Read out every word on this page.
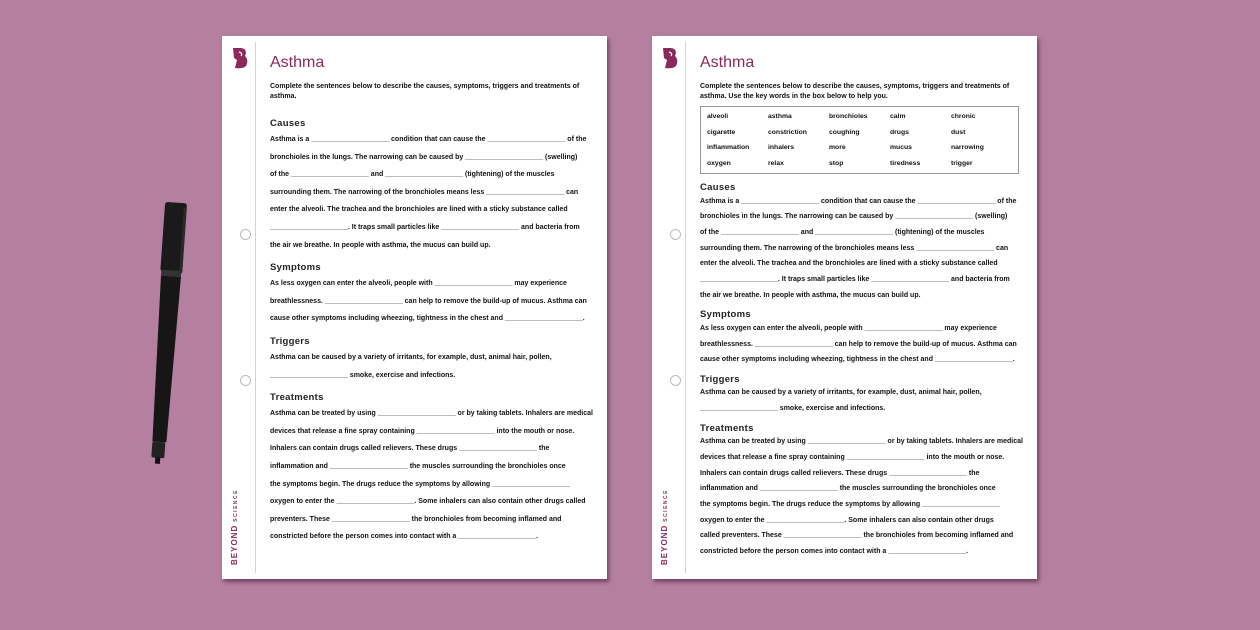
BEYONDSCIENCE
Asthma
Complete the sentences below to describe the causes, symptoms, triggers and treatments of asthma.
Causes
Asthma is a ____________________ condition that can cause the ____________________ of the
bronchioles in the lungs. The narrowing can be caused by ____________________ (swelling)
of the ____________________ and ____________________ (tightening) of the muscles
surrounding them. The narrowing of the bronchioles means less ____________________ can
enter the alveoli. The trachea and the bronchioles are lined with a sticky substance called
____________________. It traps small particles like ____________________ and bacteria from
the air we breathe. In people with asthma, the mucus can build up.
Symptoms
As less oxygen can enter the alveoli, people with ____________________ may experience
breathlessness. ____________________ can help to remove the build-up of mucus. Asthma can
cause other symptoms including wheezing, tightness in the chest and ____________________.
Triggers
Asthma can be caused by a variety of irritants, for example, dust, animal hair, pollen,
____________________ smoke, exercise and infections.
Treatments
Asthma can be treated by using ____________________ or by taking tablets. Inhalers are medical
devices that release a fine spray containing ____________________ into the mouth or nose.
Inhalers can contain drugs called relievers. These drugs ____________________ the
inflammation and ____________________ the muscles surrounding the bronchioles once
the symptoms begin. The drugs reduce the symptoms by allowing ____________________
oxygen to enter the ____________________. Some inhalers can also contain other drugs called
preventers. These ____________________ the bronchioles from becoming inflamed and
constricted before the person comes into contact with a ____________________.	BEYONDSCIENCE
Asthma
Complete the sentences below to describe the causes, symptoms, triggers and treatments of asthma. Use the key words in the box below to help you.
alveoli	asthma	bronchioles	calm	chronic
cigarette	constriction	coughing	drugs	dust
inflammation	inhalers	more	mucus	narrowing
oxygen	relax	stop	tiredness	trigger
Causes
Asthma is a ____________________ condition that can cause the ____________________ of the
bronchioles in the lungs. The narrowing can be caused by ____________________ (swelling)
of the ____________________ and ____________________ (tightening) of the muscles
surrounding them. The narrowing of the bronchioles means less ____________________ can
enter the alveoli. The trachea and the bronchioles are lined with a sticky substance called
____________________. It traps small particles like ____________________ and bacteria from
the air we breathe. In people with asthma, the mucus can build up.
Symptoms
As less oxygen can enter the alveoli, people with ____________________ may experience
breathlessness. ____________________ can help to remove the build-up of mucus. Asthma can
cause other symptoms including wheezing, tightness in the chest and ____________________.
Triggers
Asthma can be caused by a variety of irritants, for example, dust, animal hair, pollen,
____________________ smoke, exercise and infections.
Treatments
Asthma can be treated by using ____________________ or by taking tablets. Inhalers are medical
devices that release a fine spray containing ____________________ into the mouth or nose.
Inhalers can contain drugs called relievers. These drugs ____________________ the
inflammation and ____________________ the muscles surrounding the bronchioles once
the symptoms begin. The drugs reduce the symptoms by allowing ____________________
oxygen to enter the ____________________. Some inhalers can also contain other drugs
called preventers. These ____________________ the bronchioles from becoming inflamed and
constricted before the person comes into contact with a ____________________.
